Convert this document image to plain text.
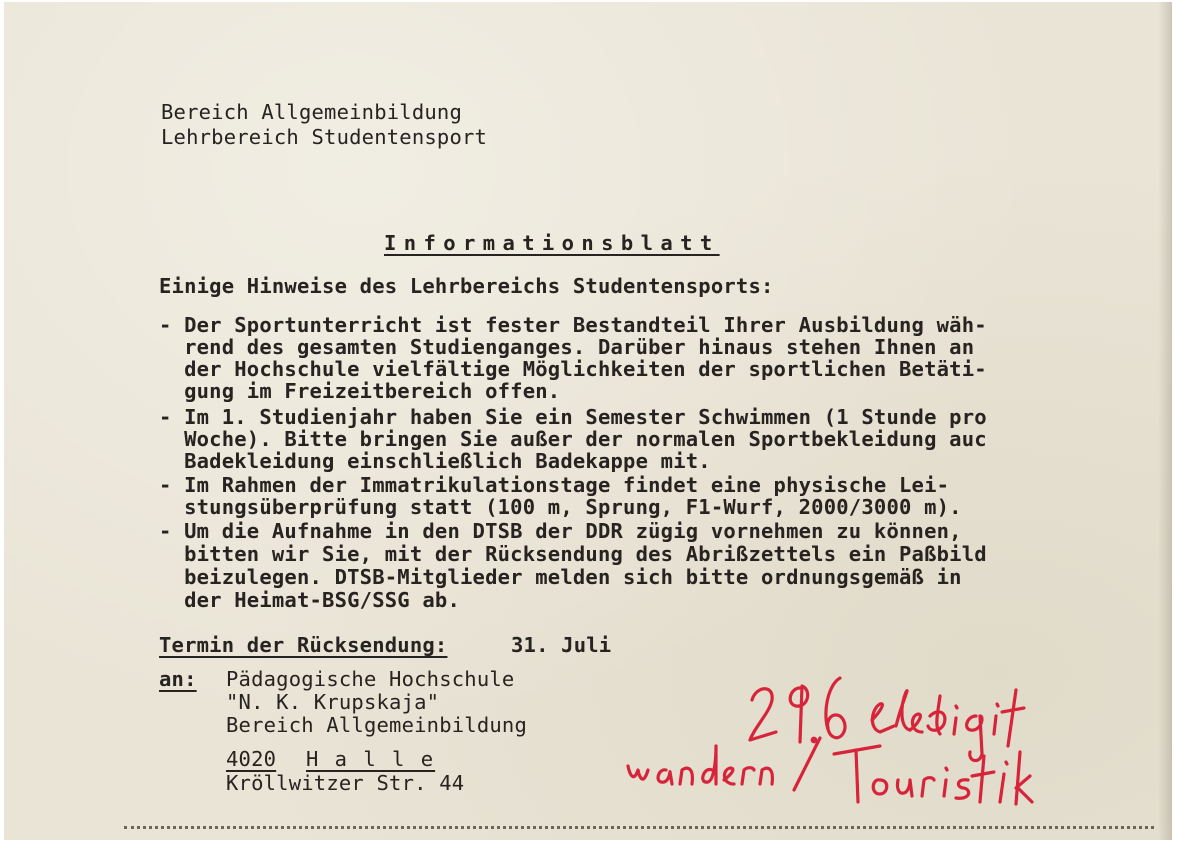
Bereich Allgemeinbildung
Lehrbereich Studentensport
Informationsblatt
Einige Hinweise des Lehrbereichs Studentensports:
- Der Sportunterricht ist fester Bestandteil Ihrer Ausbildung wäh-
rend des gesamten Studienganges. Darüber hinaus stehen Ihnen an
der Hochschule vielfältige Möglichkeiten der sportlichen Betäti-
gung im Freizeitbereich offen.
- Im 1. Studienjahr haben Sie ein Semester Schwimmen (1 Stunde pro
Woche). Bitte bringen Sie außer der normalen Sportbekleidung auc
Badekleidung einschließlich Badekappe mit.
- Im Rahmen der Immatrikulationstage findet eine physische Lei-
stungsüberprüfung statt (100 m, Sprung, F1-Wurf, 2000/3000 m).
- Um die Aufnahme in den DTSB der DDR zügig vornehmen zu können,
bitten wir Sie, mit der Rücksendung des Abrißzettels ein Paßbild
beizulegen. DTSB-Mitglieder melden sich bitte ordnungsgemäß in
der Heimat-BSG/SSG ab.
Termin der Rücksendung:	31. Juli
an: Pädagogische Hochschule
"N. K. Krupskaja"
Bereich Allgemeinbildung
4020 H a l l e
Kröllwitzer Str. 44
